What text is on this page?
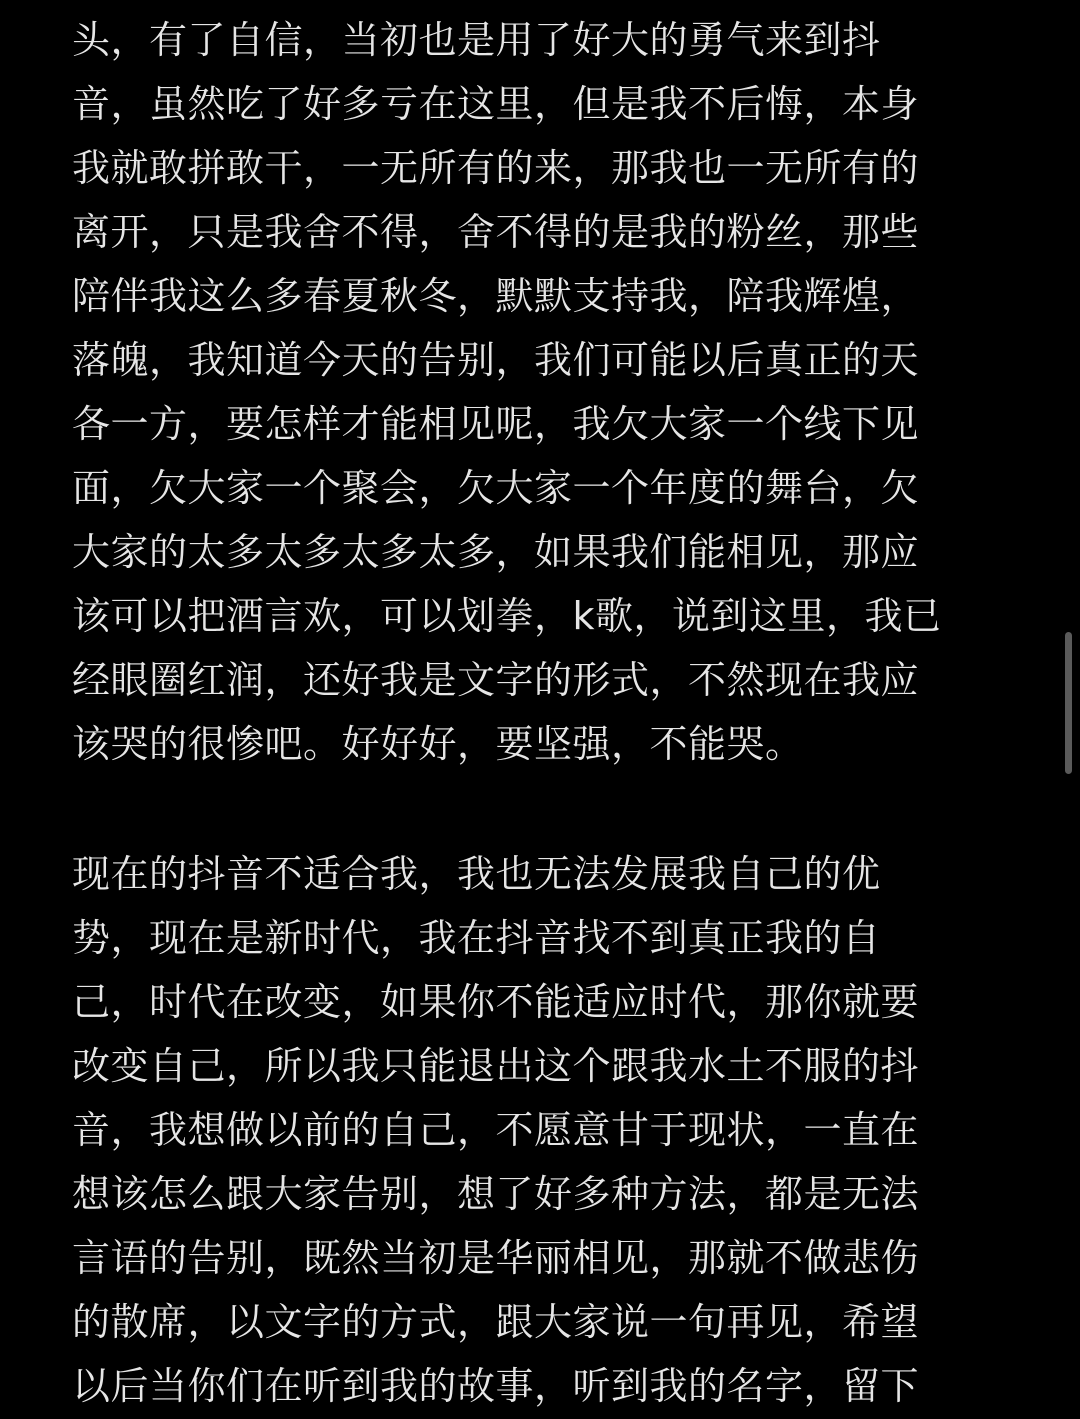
头，有了自信，当初也是用了好大的勇气来到抖
音，虽然吃了好多亏在这里，但是我不后悔，本身
我就敢拼敢干，一无所有的来，那我也一无所有的
离开，只是我舍不得，舍不得的是我的粉丝，那些
陪伴我这么多春夏秋冬，默默支持我，陪我辉煌，
落魄，我知道今天的告别，我们可能以后真正的天
各一方，要怎样才能相见呢，我欠大家一个线下见
面，欠大家一个聚会，欠大家一个年度的舞台，欠
大家的太多太多太多太多，如果我们能相见，那应
该可以把酒言欢，可以划拳，k歌，说到这里，我已
经眼圈红润，还好我是文字的形式，不然现在我应
该哭的很惨吧。好好好，要坚强，不能哭。
现在的抖音不适合我，我也无法发展我自己的优
势，现在是新时代，我在抖音找不到真正我的自
己，时代在改变，如果你不能适应时代，那你就要
改变自己，所以我只能退出这个跟我水土不服的抖
音，我想做以前的自己，不愿意甘于现状，一直在
想该怎么跟大家告别，想了好多种方法，都是无法
言语的告别，既然当初是华丽相见，那就不做悲伤
的散席，以文字的方式，跟大家说一句再见，希望
以后当你们在听到我的故事，听到我的名字，留下
